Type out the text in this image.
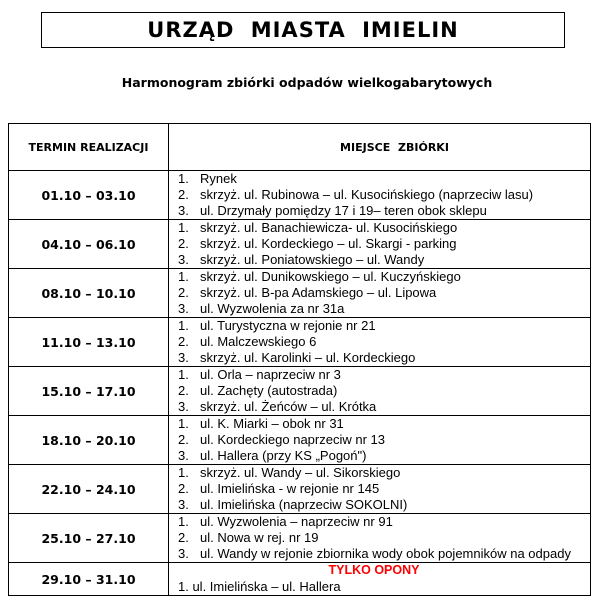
URZĄD MIASTA IMIELIN
Harmonogram zbiórki odpadów wielkogabarytowych
TERMIN REALIZACJI	MIEJSCE ZBIÓRKI
01.10 – 03.10	1. Rynek
2. skrzyż. ul. Rubinowa – ul. Kusocińskiego (naprzeciw lasu)
3. ul. Drzymały pomiędzy 17 i 19– teren obok sklepu

04.10 – 06.10	1. skrzyż. ul. Banachiewicza- ul. Kusocińskiego
2. skrzyż. ul. Kordeckiego – ul. Skargi - parking
3. skrzyż. ul. Poniatowskiego – ul. Wandy

08.10 – 10.10	1. skrzyż. ul. Dunikowskiego – ul. Kuczyńskiego
2. skrzyż. ul. B-pa Adamskiego – ul. Lipowa
3. ul. Wyzwolenia za nr 31a

11.10 – 13.10	1. ul. Turystyczna w rejonie nr 21
2. ul. Malczewskiego 6
3. skrzyż. ul. Karolinki – ul. Kordeckiego

15.10 – 17.10	1. ul. Orla – naprzeciw nr 3
2. ul. Zachęty (autostrada)
3. skrzyż. ul. Żeńców – ul. Krótka

18.10 – 20.10	1. ul. K. Miarki – obok nr 31
2. ul. Kordeckiego naprzeciw nr 13
3. ul. Hallera (przy KS „Pogoń")

22.10 – 24.10	1. skrzyż. ul. Wandy – ul. Sikorskiego
2. ul. Imielińska - w rejonie nr 145
3. ul. Imielińska (naprzeciw SOKOLNI)

25.10 – 27.10	1. ul. Wyzwolenia – naprzeciw nr 91
2. ul. Nowa w rej. nr 19
3. ul. Wandy w rejonie zbiornika wody obok pojemników na odpady

29.10 – 31.10	TYLKO OPONY
1. ul. Imielińska – ul. Hallera
